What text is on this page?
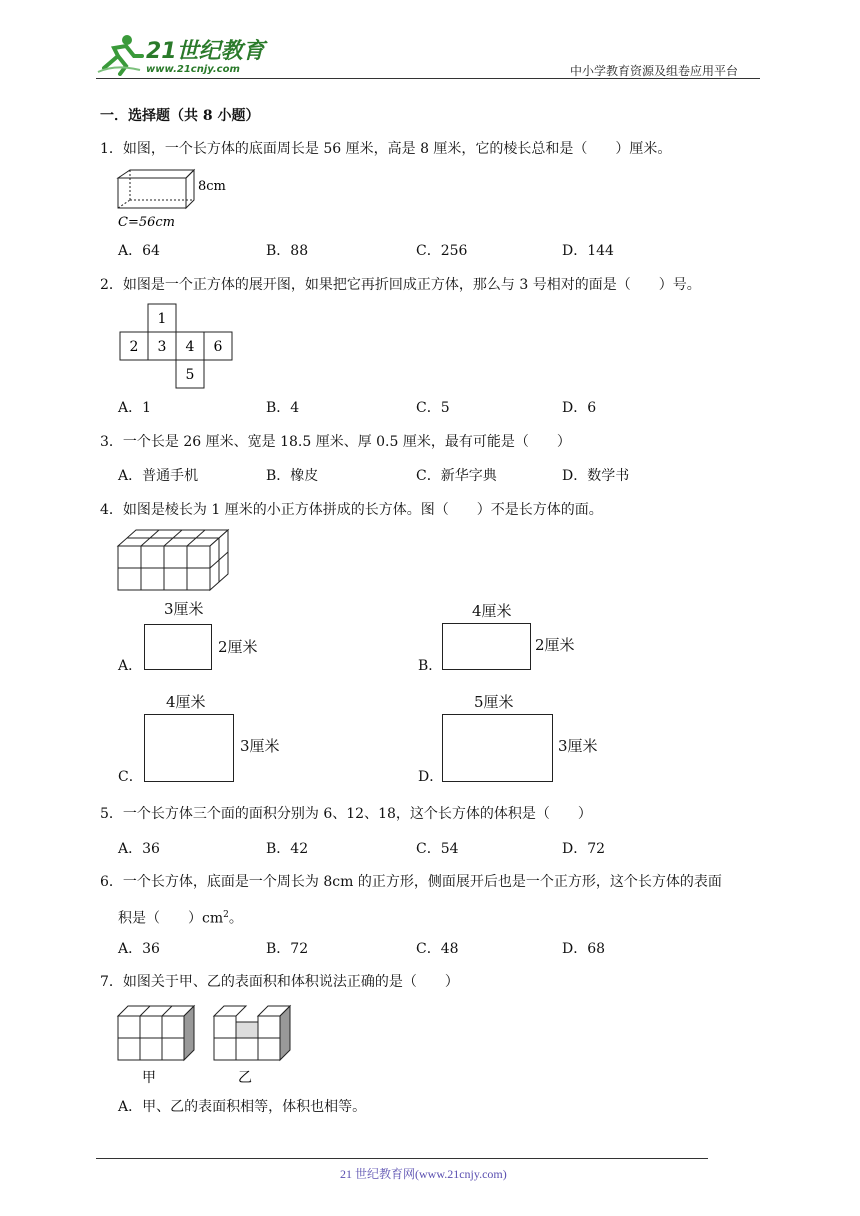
21世纪教育
www.21cnjy.com	中小学教育资源及组卷应用平台
一．选择题（共 8 小题）
1．如图，一个长方体的底面周长是 56 厘米，高是 8 厘米，它的棱长总和是（　　）厘米。
8cm
C=56cm
A．64	B．88	C．256	D．144
2．如图是一个正方体的展开图，如果把它再折回成正方体，那么与 3 号相对的面是（　　）号。
1
2 3 4 6
5
A．1	B．4	C．5	D．6
3．一个长是 26 厘米、宽是 18.5 厘米、厚 0.5 厘米，最有可能是（　　）
A．普通手机	B．橡皮	C．新华字典	D．数学书
4．如图是棱长为 1 厘米的小正方体拼成的长方体。图（　　）不是长方体的面。
A．
3厘米
2厘米
B．
4厘米
2厘米
C．
4厘米
3厘米
D．
5厘米
3厘米
5．一个长方体三个面的面积分别为 6、12、18，这个长方体的体积是（　　）
A．36	B．42	C．54	D．72
6．一个长方体，底面是一个周长为 8cm 的正方形，侧面展开后也是一个正方形，这个长方体的表面
积是（　　）$cm^2$。
A．36	B．72	C．48	D．68
7．如图关于甲、乙的表面积和体积说法正确的是（　　）
甲	乙
A．甲、乙的表面积相等，体积也相等。
21 世纪教育网(www.21cnjy.com)
